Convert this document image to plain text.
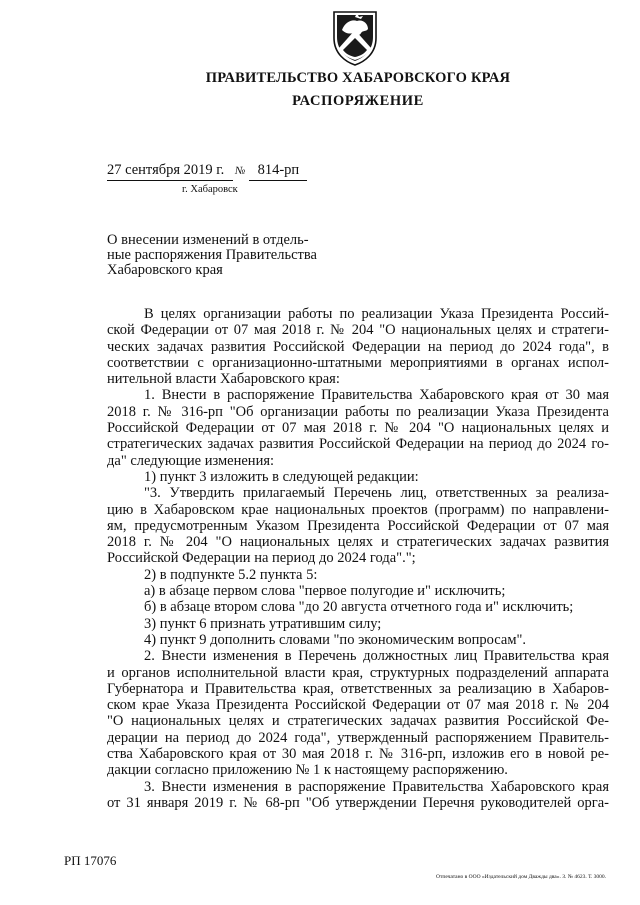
ПРАВИТЕЛЬСТВО ХАБАРОВСКОГО КРАЯ
РАСПОРЯЖЕНИЕ
27 сентября 2019 г. № 814-рп
г. Хабаровск
О внесении изменений в отдель-
ные распоряжения Правительства
Хабаровского края
В целях организации работы по реализации Указа Президента Россий-
ской Федерации от 07 мая 2018 г. № 204 "О национальных целях и стратеги-
ческих задачах развития Российской Федерации на период до 2024 года", в
соответствии с организационно-штатными мероприятиями в органах испол-
нительной власти Хабаровского края:
1. Внести в распоряжение Правительства Хабаровского края от 30 мая
2018 г. № 316-рп "Об организации работы по реализации Указа Президента
Российской Федерации от 07 мая 2018 г. № 204 "О национальных целях и
стратегических задачах развития Российской Федерации на период до 2024 го-
да" следующие изменения:
1) пункт 3 изложить в следующей редакции:
"3. Утвердить прилагаемый Перечень лиц, ответственных за реализа-
цию в Хабаровском крае национальных проектов (программ) по направлени-
ям, предусмотренным Указом Президента Российской Федерации от 07 мая
2018 г. № 204 "О национальных целях и стратегических задачах развития
Российской Федерации на период до 2024 года".";
2) в подпункте 5.2 пункта 5:
а) в абзаце первом слова "первое полугодие и" исключить;
б) в абзаце втором слова "до 20 августа отчетного года и" исключить;
3) пункт 6 признать утратившим силу;
4) пункт 9 дополнить словами "по экономическим вопросам".
2. Внести изменения в Перечень должностных лиц Правительства края
и органов исполнительной власти края, структурных подразделений аппарата
Губернатора и Правительства края, ответственных за реализацию в Хабаров-
ском крае Указа Президента Российской Федерации от 07 мая 2018 г. № 204
"О национальных целях и стратегических задачах развития Российской Фе-
дерации на период до 2024 года", утвержденный распоряжением Правитель-
ства Хабаровского края от 30 мая 2018 г. № 316-рп, изложив его в новой ре-
дакции согласно приложению № 1 к настоящему распоряжению.
3. Внести изменения в распоряжение Правительства Хабаровского края
от 31 января 2019 г. № 68-рп "Об утверждении Перечня руководителей орга-
РП 17076
Отпечатано в ООО «Издательский дом Дважды два». З. № 4623. Т. 3000.
